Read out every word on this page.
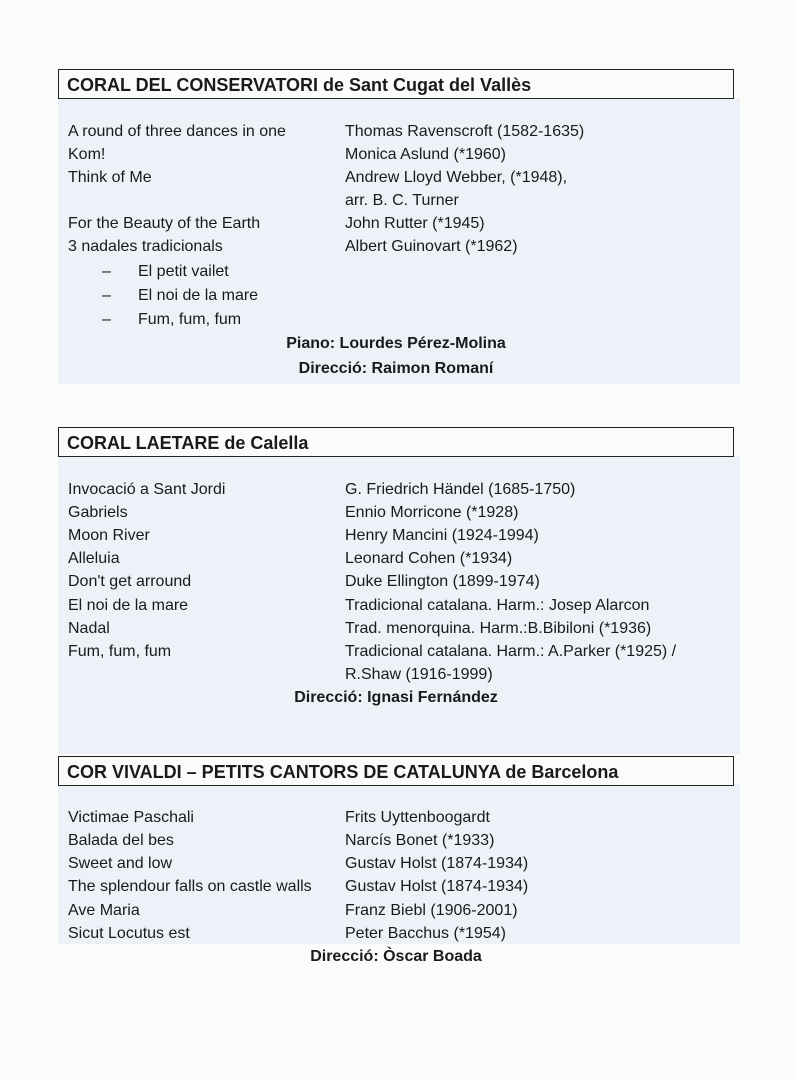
CORAL DEL CONSERVATORI de Sant Cugat del Vallès
A round of three dances in one	Thomas Ravenscroft (1582-1635)
Kom!	Monica Aslund (*1960)
Think of Me	Andrew Lloyd Webber, (*1948),
arr. B. C. Turner
For the Beauty of the Earth	John Rutter (*1945)
3 nadales tradicionals	Albert Guinovart (*1962)
– El petit vailet
– El noi de la mare
– Fum, fum, fum
Piano: Lourdes Pérez-Molina
Direcció: Raimon Romaní
CORAL LAETARE de Calella
Invocació a Sant Jordi	G. Friedrich Händel (1685-1750)
Gabriels	Ennio Morricone (*1928)
Moon River	Henry Mancini (1924-1994)
Alleluia	Leonard Cohen (*1934)
Don't get arround	Duke Ellington (1899-1974)
El noi de la mare	Tradicional catalana. Harm.: Josep Alarcon
Nadal	Trad. menorquina. Harm.:B.Bibiloni (*1936)
Fum, fum, fum	Tradicional catalana. Harm.: A.Parker (*1925) /
R.Shaw (1916-1999)
Direcció: Ignasi Fernández
COR VIVALDI – PETITS CANTORS DE CATALUNYA de Barcelona
Victimae Paschali	Frits Uyttenboogardt
Balada del bes	Narcís Bonet (*1933)
Sweet and low	Gustav Holst (1874-1934)
The splendour falls on castle walls Gustav Holst (1874-1934)
Ave Maria	Franz Biebl (1906-2001)
Sicut Locutus est	Peter Bacchus (*1954)
Direcció: Òscar Boada
